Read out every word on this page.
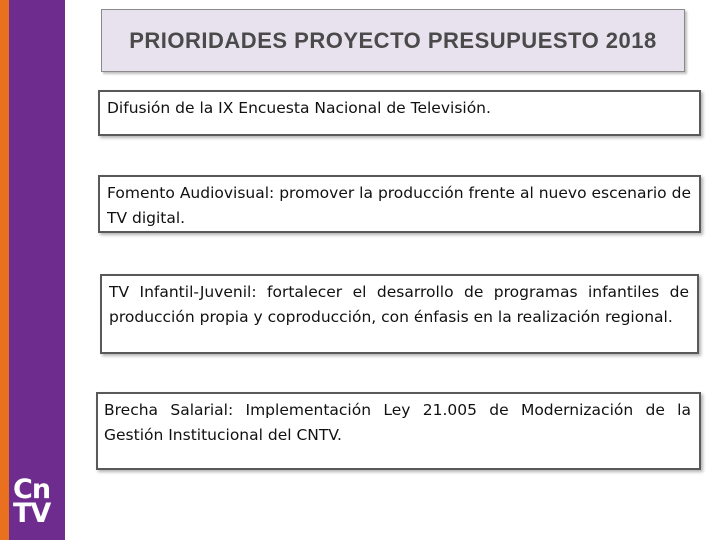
Cn
TV
PRIORIDADES PROYECTO PRESUPUESTO 2018
Difusión de la IX Encuesta Nacional de Televisión.
Fomento Audiovisual: promover la producción frente al nuevo escenario de TV digital.
TV Infantil-Juvenil: fortalecer el desarrollo de programas infantiles de producción propia y coproducción, con énfasis en la realización regional.
Brecha Salarial: Implementación Ley 21.005 de Modernización de la Gestión Institucional del CNTV.
